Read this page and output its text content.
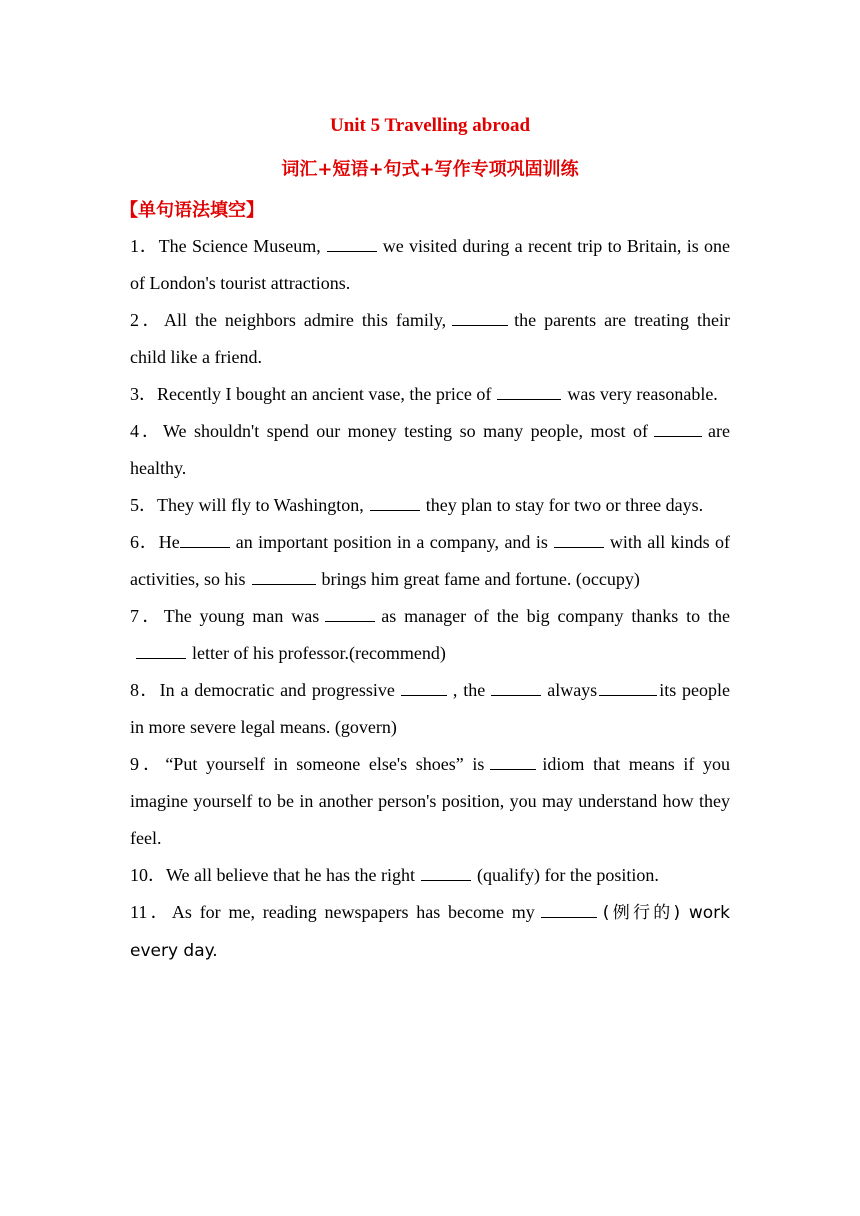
Unit 5 Travelling abroad
词汇+短语+句式+写作专项巩固训练
【单句语法填空】

1．The Science Museum,	we visited during a recent trip to Britain, is one of London's tourist attractions.

2．All the neighbors admire this family,	the parents are treating their child like a friend.

3．Recently I bought an ancient vase, the price of	was very reasonable.

4．We shouldn't spend our money testing so many people, most of	are healthy.

5．They will fly to Washington,	they plan to stay for two or three days.

6．He	an important position in a company, and is	with all kinds of activities, so his	brings him great fame and fortune. (occupy)

7．The young man was	as manager of the big company thanks to theletter of his professor.(recommend)

8．In a democratic and progressive	, the	always	its people in more severe legal means. (govern)

9．“Put yourself in someone else's shoes” is	idiom that means if you imagine yourself to be in another person's position, you may understand how they feel.

10．We all believe that he has the right	(qualify) for the position.

11．As for me, reading newspapers has become my	(例行的) work every day.
